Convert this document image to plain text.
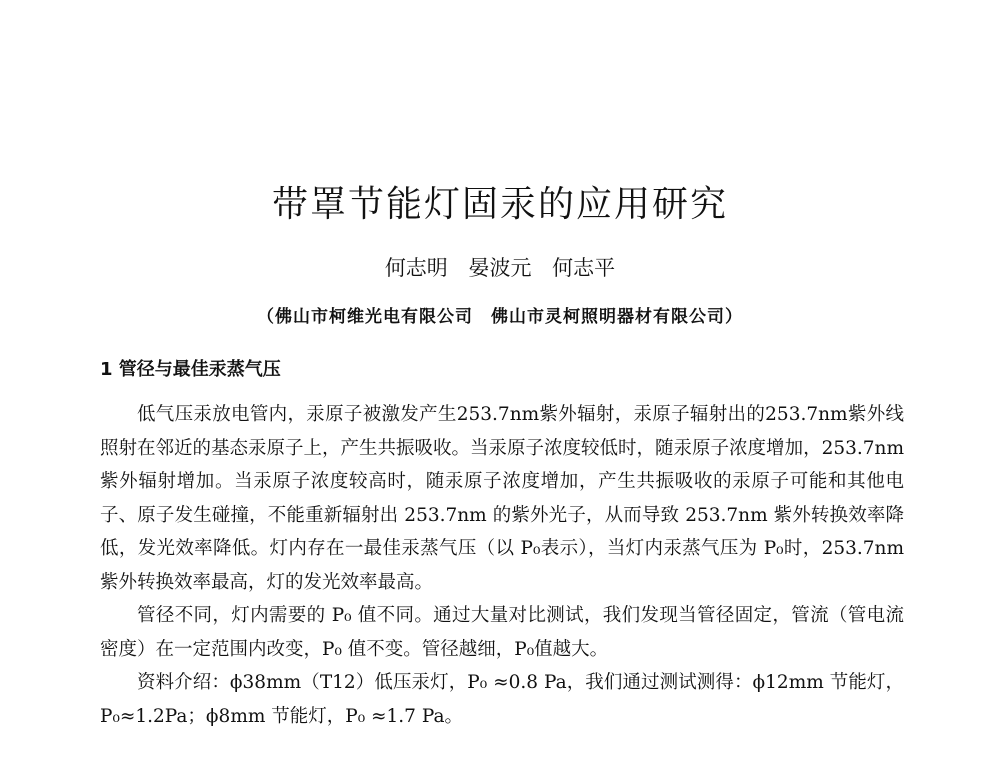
带罩节能灯固汞的应用研究
何志明 晏波元 何志平
（佛山市柯维光电有限公司　佛山市灵柯照明器材有限公司）
1 管径与最佳汞蒸气压

低气压汞放电管内，汞原子被激发产生253.7nm紫外辐射，汞原子辐射出的253.7nm紫外线照射在邻近的基态汞原子上，产生共振吸收。当汞原子浓度较低时，随汞原子浓度增加，253.7nm紫外辐射增加。当汞原子浓度较高时，随汞原子浓度增加，产生共振吸收的汞原子可能和其他电子、原子发生碰撞，不能重新辐射出 253.7nm 的紫外光子，从而导致 253.7nm 紫外转换效率降低，发光效率降低。灯内存在一最佳汞蒸气压（以 P₀表示），当灯内汞蒸气压为 P₀时，253.7nm 紫外转换效率最高，灯的发光效率最高。

管径不同，灯内需要的 P₀ 值不同。通过大量对比测试，我们发现当管径固定，管流（管电流密度）在一定范围内改变，P₀ 值不变。管径越细，P₀值越大。

资料介绍：ϕ38mm（T12）低压汞灯，P₀ ≈0.8 Pa，我们通过测试测得：ϕ12mm 节能灯，P₀≈1.2Pa；ϕ8mm 节能灯，P₀ ≈1.7 Pa。
